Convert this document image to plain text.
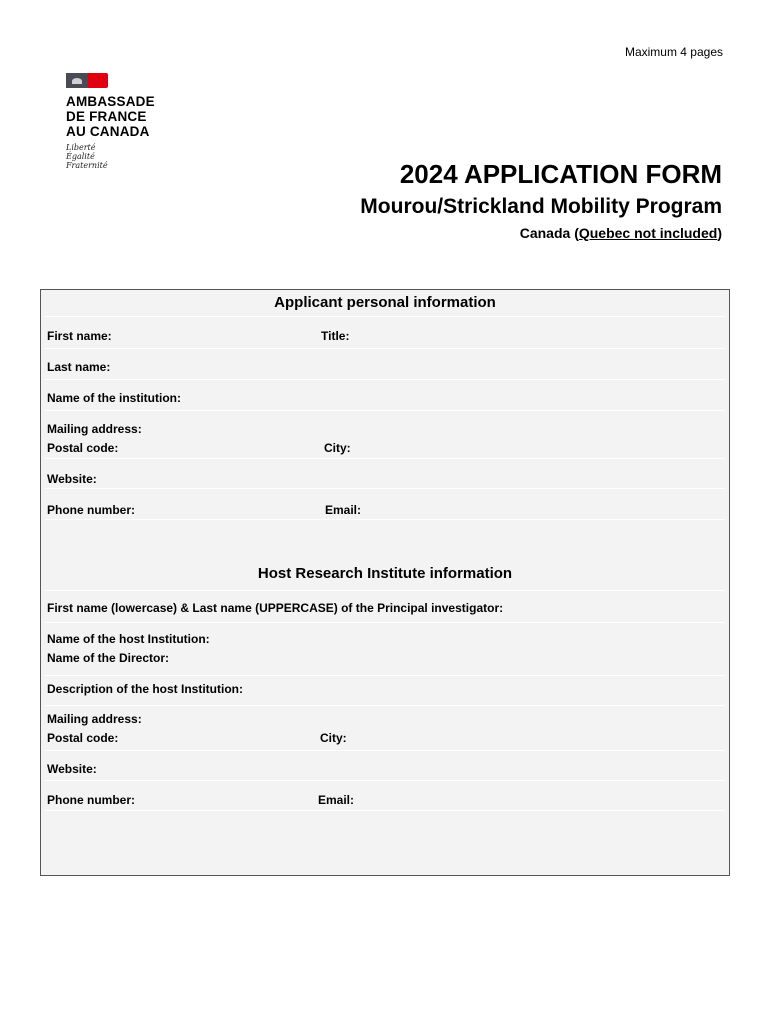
Maximum 4 pages
AMBASSADE
DE FRANCE
AU CANADA
Liberté
Égalité
Fraternité	2024 APPLICATION FORM
Mourou/Strickland Mobility Program
Canada (Quebec not included)
Applicant personal information
First name:	Title:
Last name:
Name of the institution:
Mailing address:
Postal code:	City:
Website:
Phone number:	Email:
Host Research Institute information
First name (lowercase) & Last name (UPPERCASE) of the Principal investigator:
Name of the host Institution:
Name of the Director:
Description of the host Institution:
Mailing address:
Postal code:	City:
Website:
Phone number:	Email:
